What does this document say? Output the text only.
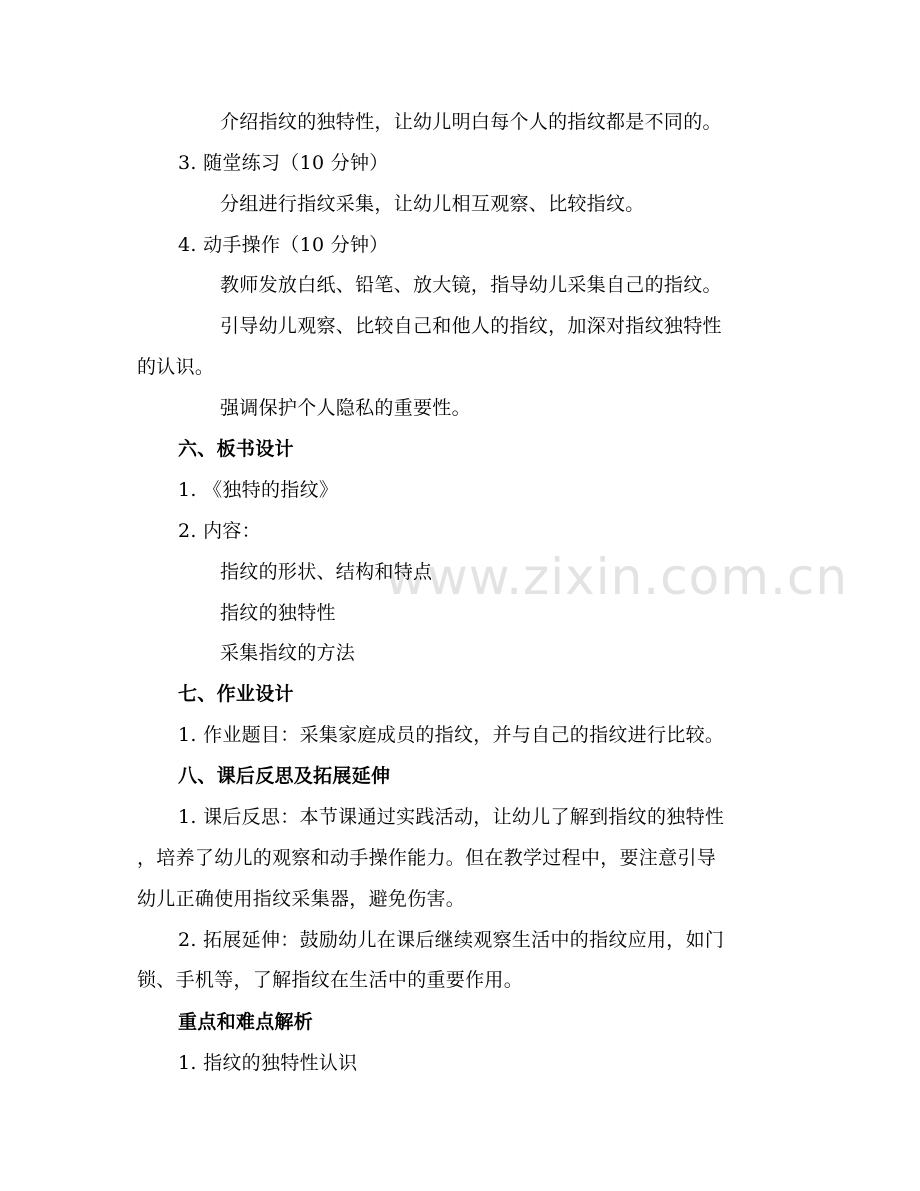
www.zixin.com.cn
介绍指纹的独特性，让幼儿明白每个人的指纹都是不同的。
3. 随堂练习（10 分钟）
分组进行指纹采集，让幼儿相互观察、比较指纹。
4. 动手操作（10 分钟）
教师发放白纸、铅笔、放大镜，指导幼儿采集自己的指纹。
引导幼儿观察、比较自己和他人的指纹，加深对指纹独特性
的认识。
强调保护个人隐私的重要性。
六、板书设计
1. 《独特的指纹》
2. 内容：
指纹的形状、结构和特点
指纹的独特性
采集指纹的方法
七、作业设计
1. 作业题目：采集家庭成员的指纹，并与自己的指纹进行比较。
八、课后反思及拓展延伸
1. 课后反思：本节课通过实践活动，让幼儿了解到指纹的独特性
，培养了幼儿的观察和动手操作能力。但在教学过程中，要注意引导
幼儿正确使用指纹采集器，避免伤害。
2. 拓展延伸：鼓励幼儿在课后继续观察生活中的指纹应用，如门
锁、手机等，了解指纹在生活中的重要作用。
重点和难点解析
1. 指纹的独特性认识
